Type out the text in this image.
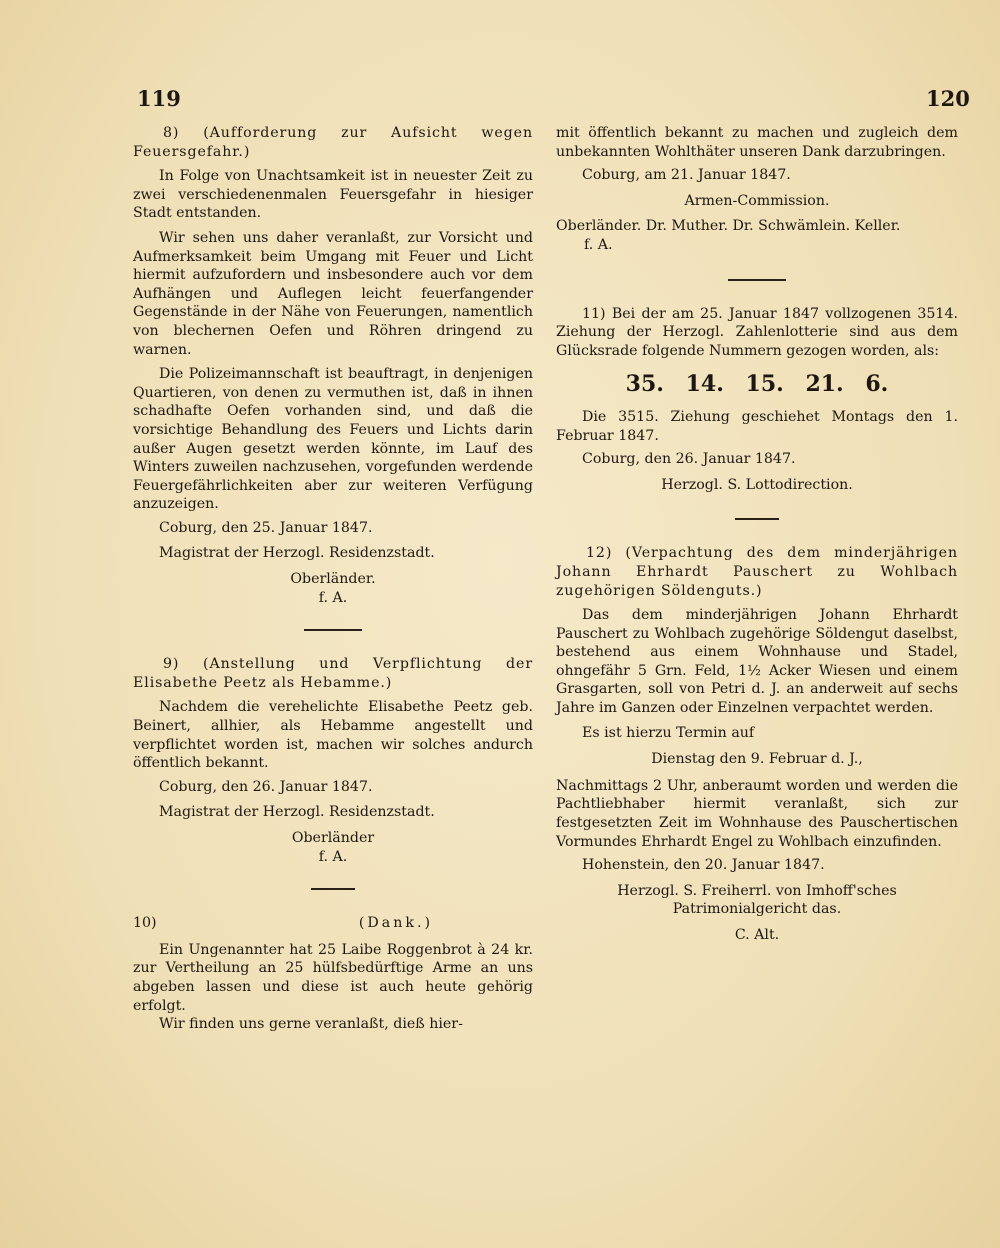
119	120

8) (Aufforderung zur Aufsicht wegen Feuersgefahr.)

In Folge von Unachtsamkeit ist in neuester Zeit zu zwei verschiedenenmalen Feuersgefahr in hiesiger Stadt entstanden.

Wir sehen uns daher veranlaßt, zur Vorsicht und Aufmerksamkeit beim Umgang mit Feuer und Licht hiermit aufzufordern und insbesondere auch vor dem Aufhängen und Auflegen leicht feuerfangender Gegenstände in der Nähe von Feuerungen, namentlich von blechernen Oefen und Röhren dringend zu warnen.

Die Polizeimannschaft ist beauftragt, in denjenigen Quartieren, von denen zu vermuthen ist, daß in ihnen schadhafte Oefen vorhanden sind, und daß die vorsichtige Behandlung des Feuers und Lichts darin außer Augen gesetzt werden könnte, im Lauf des Winters zuweilen nachzusehen, vorgefunden werdende Feuergefährlichkeiten aber zur weiteren Verfügung anzuzeigen.

Coburg, den 25. Januar 1847.

Magistrat der Herzogl. Residenzstadt.

Oberländer.

f. A.

9) (Anstellung und Verpflichtung der Elisabethe Peetz als Hebamme.)

Nachdem die verehelichte Elisabethe Peetz geb. Beinert, allhier, als Hebamme angestellt und verpflichtet worden ist, machen wir solches andurch öffentlich bekannt.

Coburg, den 26. Januar 1847.

Magistrat der Herzogl. Residenzstadt.

Oberländer

f. A.

10)	(Dank.)

Ein Ungenannter hat 25 Laibe Roggenbrot à 24 kr. zur Vertheilung an 25 hülfsbedürftige Arme an uns abgeben lassen und diese ist auch heute gehörig erfolgt.

Wir finden uns gerne veranlaßt, dieß hier-

mit öffentlich bekannt zu machen und zugleich dem unbekannten Wohlthäter unseren Dank darzubringen.

Coburg, am 21. Januar 1847.

Armen-Commission.

Oberländer. Dr. Muther. Dr. Schwämlein. Keller.

f. A.

11) Bei der am 25. Januar 1847 vollzogenen 3514. Ziehung der Herzogl. Zahlenlotterie sind aus dem Glücksrade folgende Nummern gezogen worden, als:

35. 14. 15. 21. 6.

Die 3515. Ziehung geschiehet Montags den 1. Februar 1847.

Coburg, den 26. Januar 1847.

Herzogl. S. Lottodirection.

12) (Verpachtung des dem minderjährigen Johann Ehrhardt Pauschert zu Wohlbach zugehörigen Söldenguts.)

Das dem minderjährigen Johann Ehrhardt Pauschert zu Wohlbach zugehörige Söldengut daselbst, bestehend aus einem Wohnhause und Stadel, ohngefähr 5 Grn. Feld, 1½ Acker Wiesen und einem Grasgarten, soll von Petri d. J. an anderweit auf sechs Jahre im Ganzen oder Einzelnen verpachtet werden.

Es ist hierzu Termin auf

Dienstag den 9. Februar d. J.,

Nachmittags 2 Uhr, anberaumt worden und werden die Pachtliebhaber hiermit veranlaßt, sich zur festgesetzten Zeit im Wohnhause des Pauschertischen Vormundes Ehrhardt Engel zu Wohlbach einzufinden.

Hohenstein, den 20. Januar 1847.

Herzogl. S. Freiherrl. von Imhoff'sches Patrimonialgericht das.

C. Alt.
